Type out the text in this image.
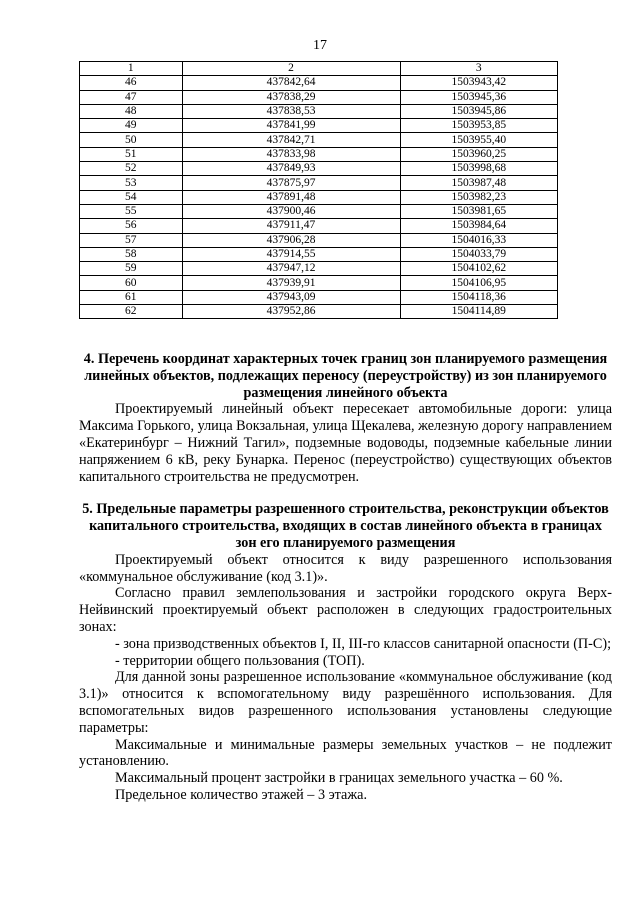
17
1	2	3
46	437842,64	1503943,42
47	437838,29	1503945,36
48	437838,53	1503945,86
49	437841,99	1503953,85
50	437842,71	1503955,40
51	437833,98	1503960,25
52	437849,93	1503998,68
53	437875,97	1503987,48
54	437891,48	1503982,23
55	437900,46	1503981,65
56	437911,47	1503984,64
57	437906,28	1504016,33
58	437914,55	1504033,79
59	437947,12	1504102,62
60	437939,91	1504106,95
61	437943,09	1504118,36
62	437952,86	1504114,89

4. Перечень координат характерных точек границ зон планируемого размещения линейных объектов, подлежащих переносу (переустройству) из зон планируемого размещения линейного объекта

Проектируемый линейный объект пересекает автомобильные дороги: улица Максима Горького, улица Вокзальная, улица Щекалева, железную дорогу направлением «Екатеринбург – Нижний Тагил», подземные водоводы, подземные кабельные линии напряжением 6 кВ, реку Бунарка. Перенос (переустройство) существующих объектов капитального строительства не предусмотрен.

5. Предельные параметры разрешенного строительства, реконструкции объектов капитального строительства, входящих в состав линейного объекта в границах зон его планируемого размещения

Проектируемый объект относится к виду разрешенного использования «коммунальное обслуживание (код 3.1)».

Согласно правил землепользования и застройки городского округа Верх-Нейвинский проектируемый объект расположен в следующих градостроительных зонах:

- зона призводственных объектов I, II, III-го классов санитарной опасности (П-С);

- территории общего пользования (ТОП).

Для данной зоны разрешенное использование «коммунальное обслуживание (код 3.1)» относится к вспомогательному виду разрешённого использования. Для вспомогательных видов разрешенного использования установлены следующие параметры:

Максимальные и минимальные размеры земельных участков – не подлежит установлению.

Максимальный процент застройки в границах земельного участка – 60 %.

Предельное количество этажей – 3 этажа.
